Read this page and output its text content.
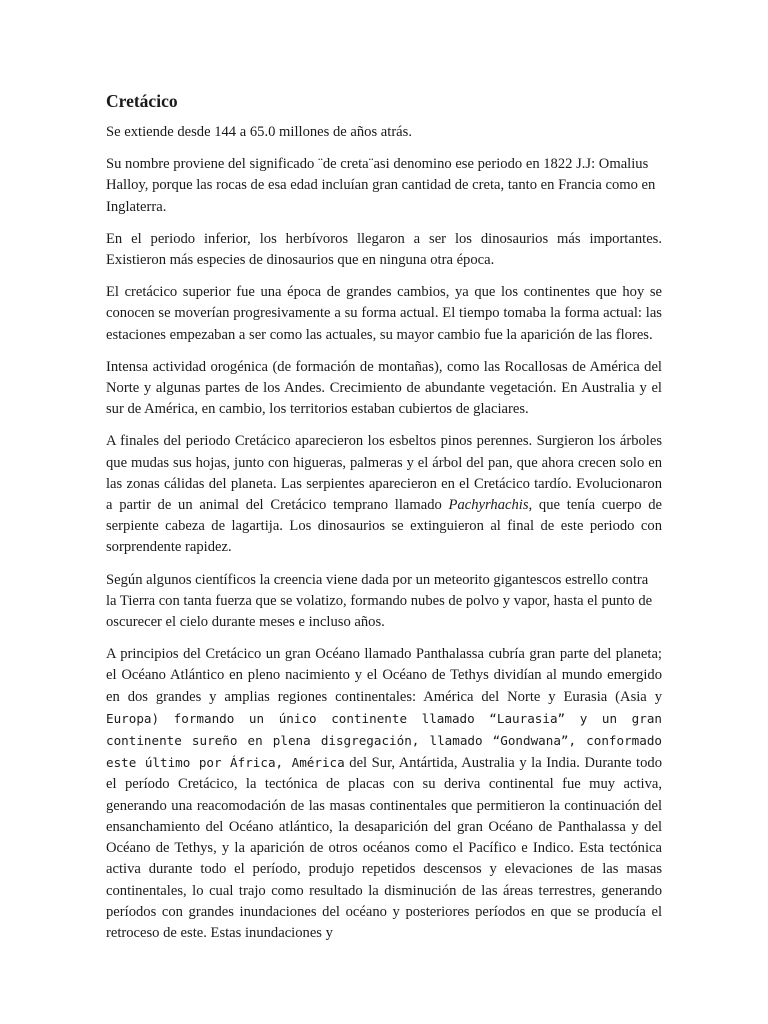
Cretácico

Se extiende desde 144 a 65.0 millones de años atrás.

Su nombre proviene del significado ¨de creta¨asi denomino ese periodo en 1822 J.J: Omalius Halloy, porque las rocas de esa edad incluían gran cantidad de creta, tanto en Francia como en Inglaterra.

En el periodo inferior, los herbívoros llegaron a ser los dinosaurios más importantes. Existieron más especies de dinosaurios que en ninguna otra época.

El cretácico superior fue una época de grandes cambios, ya que los continentes que hoy se conocen se moverían progresivamente a su forma actual. El tiempo tomaba la forma actual: las estaciones empezaban a ser como las actuales, su mayor cambio fue la aparición de las flores.

Intensa actividad orogénica (de formación de montañas), como las Rocallosas de América del Norte y algunas partes de los Andes. Crecimiento de abundante vegetación. En Australia y el sur de América, en cambio, los territorios estaban cubiertos de glaciares.

A finales del periodo Cretácico aparecieron los esbeltos pinos perennes. Surgieron los árboles que mudas sus hojas, junto con higueras, palmeras y el árbol del pan, que ahora crecen solo en las zonas cálidas del planeta. Las serpientes aparecieron en el Cretácico tardío. Evolucionaron a partir de un animal del Cretácico temprano llamado Pachyrhachis, que tenía cuerpo de serpiente cabeza de lagartija. Los dinosaurios se extinguieron al final de este periodo con sorprendente rapidez.

Según algunos científicos la creencia viene dada por un meteorito gigantescos estrello contra la Tierra con tanta fuerza que se volatizo, formando nubes de polvo y vapor, hasta el punto de oscurecer el cielo durante meses e incluso años.

A principios del Cretácico un gran Océano llamado Panthalassa cubría gran parte del planeta; el Océano Atlántico en pleno nacimiento y el Océano de Tethys dividían al mundo emergido en dos grandes y amplias regiones continentales: América del Norte y Eurasia (Asia y Europa) formando un único continente llamado “Laurasia” y un gran continente sureño en plena disgregación, llamado “Gondwana”, conformado este último por África, América del Sur, Antártida, Australia y la India. Durante todo el período Cretácico, la tectónica de placas con su deriva continental fue muy activa, generando una reacomodación de las masas continentales que permitieron la continuación del ensanchamiento del Océano atlántico, la desaparición del gran Océano de Panthalassa y del Océano de Tethys, y la aparición de otros océanos como el Pacífico e Indico. Esta tectónica activa durante todo el período, produjo repetidos descensos y elevaciones de las masas continentales, lo cual trajo como resultado la disminución de las áreas terrestres, generando períodos con grandes inundaciones del océano y posteriores períodos en que se producía el retroceso de este. Estas inundaciones y
